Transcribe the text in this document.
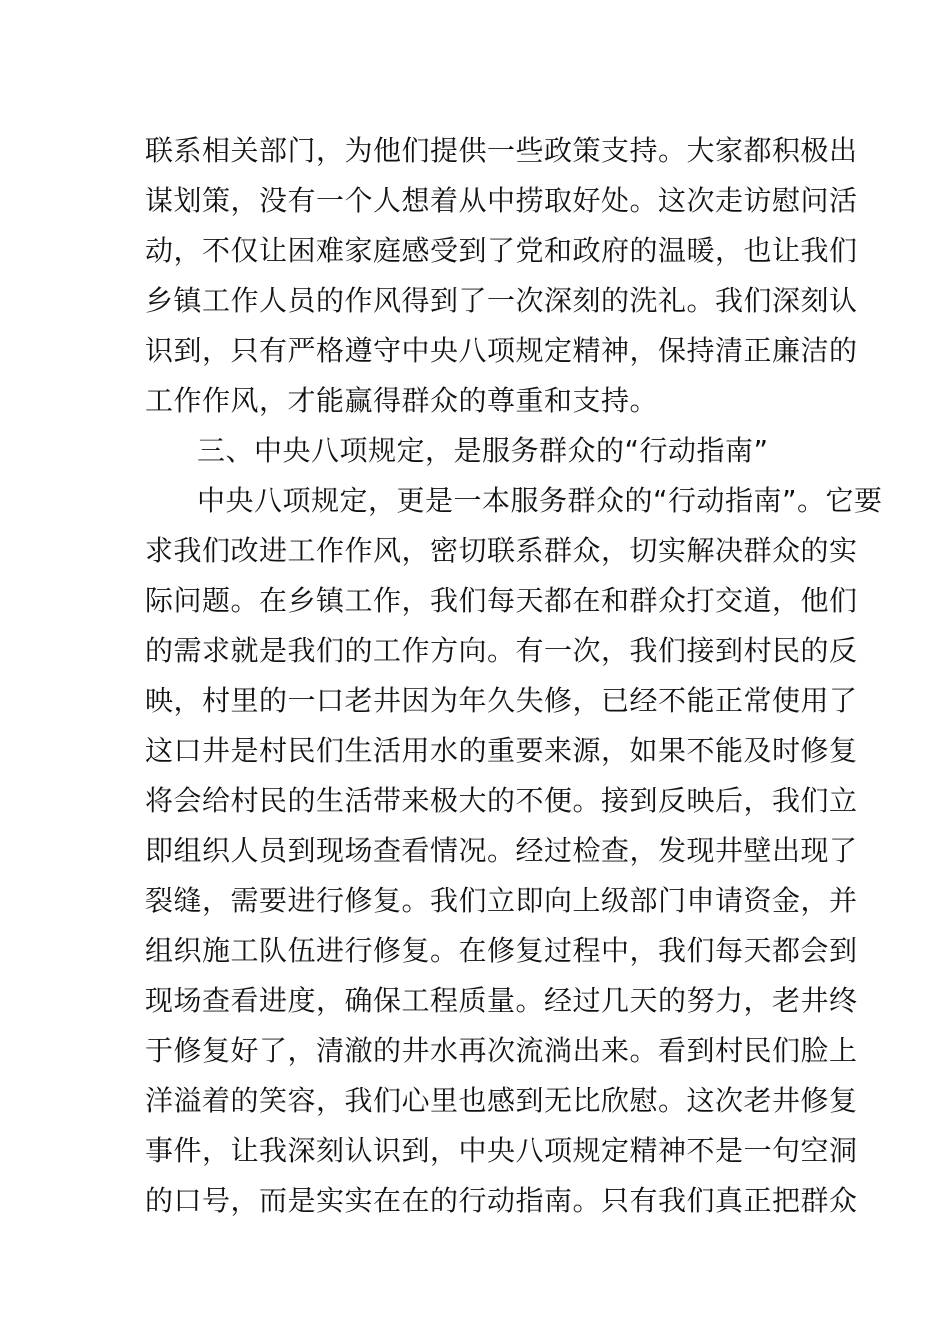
联系相关部门，为他们提供一些政策支持。大家都积极出
谋划策，没有一个人想着从中捞取好处。这次走访慰问活
动，不仅让困难家庭感受到了党和政府的温暖，也让我们
乡镇工作人员的作风得到了一次深刻的洗礼。我们深刻认
识到，只有严格遵守中央八项规定精神，保持清正廉洁的
工作作风，才能赢得群众的尊重和支持。
三、中央八项规定，是服务群众的“行动指南”
中央八项规定，更是一本服务群众的“行动指南”。它要
求我们改进工作作风，密切联系群众，切实解决群众的实
际问题。在乡镇工作，我们每天都在和群众打交道，他们
的需求就是我们的工作方向。有一次，我们接到村民的反
映，村里的一口老井因为年久失修，已经不能正常使用了
这口井是村民们生活用水的重要来源，如果不能及时修复
将会给村民的生活带来极大的不便。接到反映后，我们立
即组织人员到现场查看情况。经过检查，发现井壁出现了
裂缝，需要进行修复。我们立即向上级部门申请资金，并
组织施工队伍进行修复。在修复过程中，我们每天都会到
现场查看进度，确保工程质量。经过几天的努力，老井终
于修复好了，清澈的井水再次流淌出来。看到村民们脸上
洋溢着的笑容，我们心里也感到无比欣慰。这次老井修复
事件，让我深刻认识到，中央八项规定精神不是一句空洞
的口号，而是实实在在的行动指南。只有我们真正把群众
